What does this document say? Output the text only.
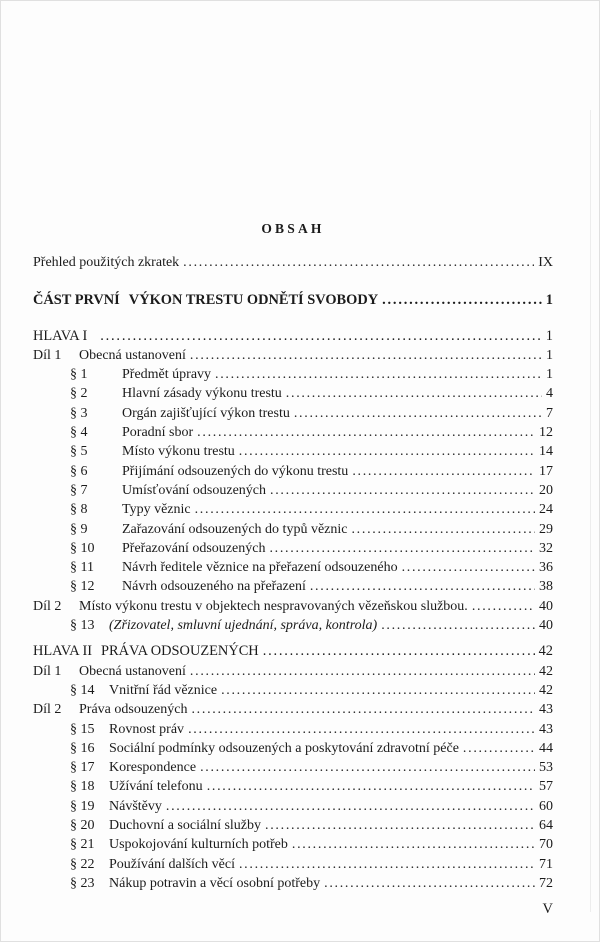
OBSAH
Přehled použitých zkratek . . .	IX
ČÁST PRVNÍ VÝKON TRESTU ODNĚTÍ SVOBODY . . .	1
HLAVA I . . .	1
Díl 1	Obecná ustanovení . . .	1
§ 1	Předmět úpravy . . .	1
§ 2	Hlavní zásady výkonu trestu . . .	4
§ 3	Orgán zajišťující výkon trestu . . .	7
§ 4	Poradní sbor . . .	12
§ 5	Místo výkonu trestu . . .	14
§ 6	Přijímání odsouzených do výkonu trestu . . .	17
§ 7	Umísťování odsouzených . . .	20
§ 8	Typy věznic . . .	24
§ 9	Zařazování odsouzených do typů věznic . . .	29
§ 10	Přeřazování odsouzených . . .	32
§ 11	Návrh ředitele věznice na přeřazení odsouzeného . . .	36
§ 12	Návrh odsouzeného na přeřazení . . .	38
Díl 2	Místo výkonu trestu v objektech nespravovaných vězeňskou službou. . . .	40
§ 13	(Zřizovatel, smluvní ujednání, správa, kontrola) . . .	40
HLAVA II PRÁVA ODSOUZENÝCH . . .	42
Díl 1	Obecná ustanovení . . .	42
§ 14	Vnitřní řád věznice . . .	42
Díl 2	Práva odsouzených . . .	43
§ 15	Rovnost práv . . .	43
§ 16	Sociální podmínky odsouzených a poskytování zdravotní péče . . .	44
§ 17	Korespondence . . .	53
§ 18	Užívání telefonu . . .	57
§ 19	Návštěvy . . .	60
§ 20	Duchovní a sociální služby . . .	64
§ 21	Uspokojování kulturních potřeb . . .	70
§ 22	Používání dalších věcí . . .	71
§ 23	Nákup potravin a věcí osobní potřeby . . .	72
V
